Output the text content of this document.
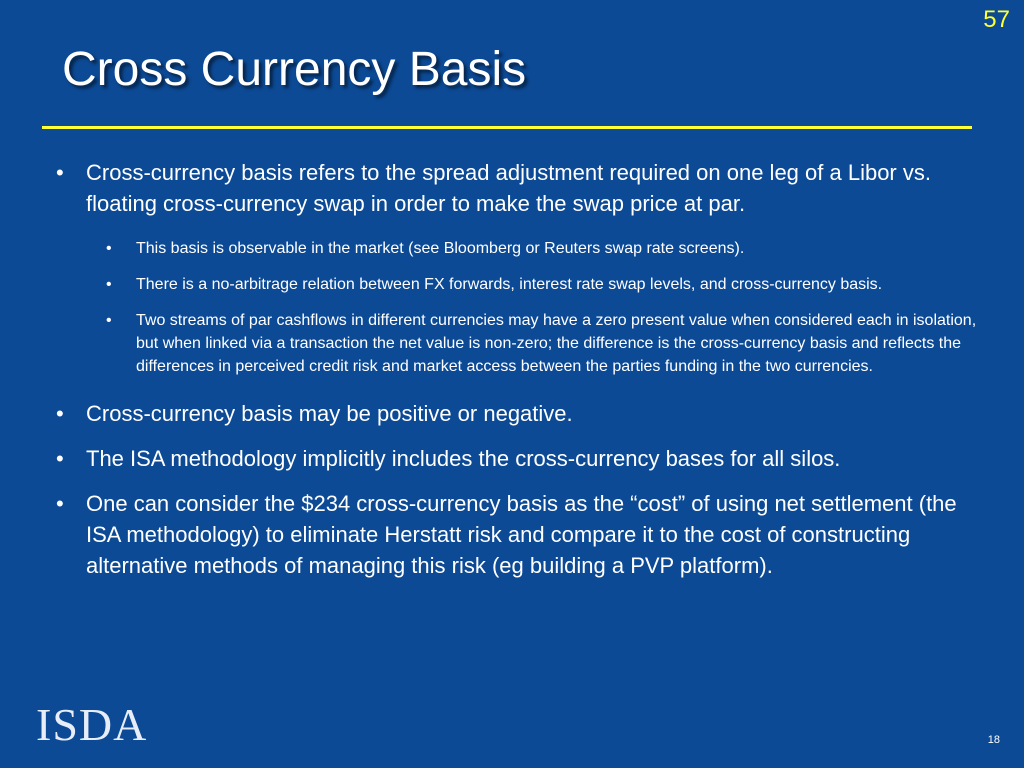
57
Cross Currency Basis
• Cross-currency basis refers to the spread adjustment required on one leg of a Libor vs. floating cross-currency swap in order to make the swap price at par.
• This basis is observable in the market (see Bloomberg or Reuters swap rate screens).
• There is a no-arbitrage relation between FX forwards, interest rate swap levels, and cross-currency basis.
• Two streams of par cashflows in different currencies may have a zero present value when considered each in isolation, but when linked via a transaction the net value is non-zero; the difference is the cross-currency basis and reflects the differences in perceived credit risk and market access between the parties funding in the two currencies.
• Cross-currency basis may be positive or negative.
• The ISA methodology implicitly includes the cross-currency bases for all silos.
• One can consider the $234 cross-currency basis as the “cost” of using net settlement (the ISA methodology) to eliminate Herstatt risk and compare it to the cost of constructing alternative methods of managing this risk (eg building a PVP platform).
ISDA	18
